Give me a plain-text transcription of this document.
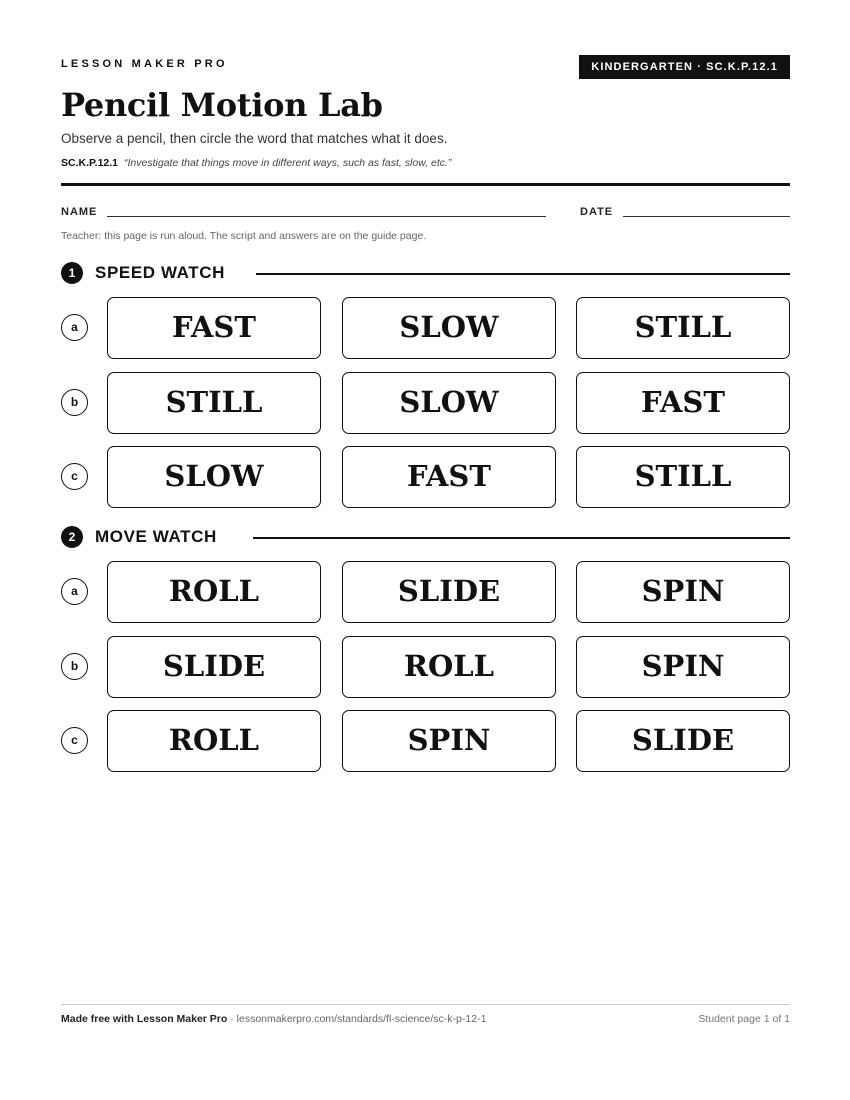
LESSON MAKER PRO	KINDERGARTEN · SC.K.P.12.1
Pencil Motion Lab

Observe a pencil, then circle the word that matches what it does.

SC.K.P.12.1 “Investigate that things move in different ways, such as fast, slow, etc.”

NAME	DATE

Teacher: this page is run aloud. The script and answers are on the guide page.

1	SPEED WATCH
a	FAST	SLOW	STILL
b	STILL	SLOW	FAST
c	SLOW	FAST	STILL
2	MOVE WATCH
a	ROLL	SLIDE	SPIN
b	SLIDE	ROLL	SPIN
c	ROLL	SPIN	SLIDE

Made free with Lesson Maker Pro · lessonmakerpro.com/standards/fl-science/sc-k-p-12-1	Student page 1 of 1
